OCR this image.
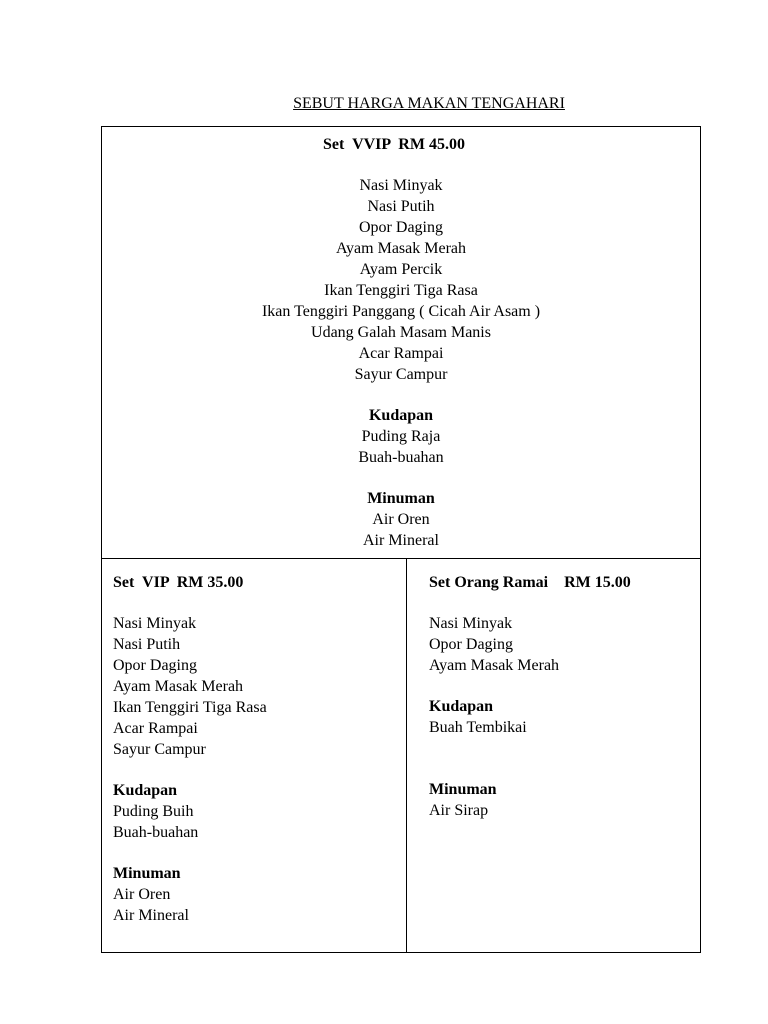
SEBUT HARGA MAKAN TENGAHARI
Set  VVIP  RM 45.00
Nasi Minyak
Nasi Putih
Opor Daging
Ayam Masak Merah
Ayam Percik
Ikan Tenggiri Tiga Rasa
Ikan Tenggiri Panggang ( Cicah Air Asam )
Udang Galah Masam Manis
Acar Rampai
Sayur Campur
Kudapan
Puding Raja
Buah-buahan
Minuman
Air Oren
Air Mineral
Set  VIP  RM 35.00
Nasi Minyak
Nasi Putih
Opor Daging
Ayam Masak Merah
Ikan Tenggiri Tiga Rasa
Acar Rampai
Sayur Campur
Kudapan
Puding Buih
Buah-buahan
Minuman
Air Oren
Air Mineral
Set Orang Ramai    RM 15.00
Nasi Minyak
Opor Daging
Ayam Masak Merah
Kudapan
Buah Tembikai
Minuman
Air Sirap
